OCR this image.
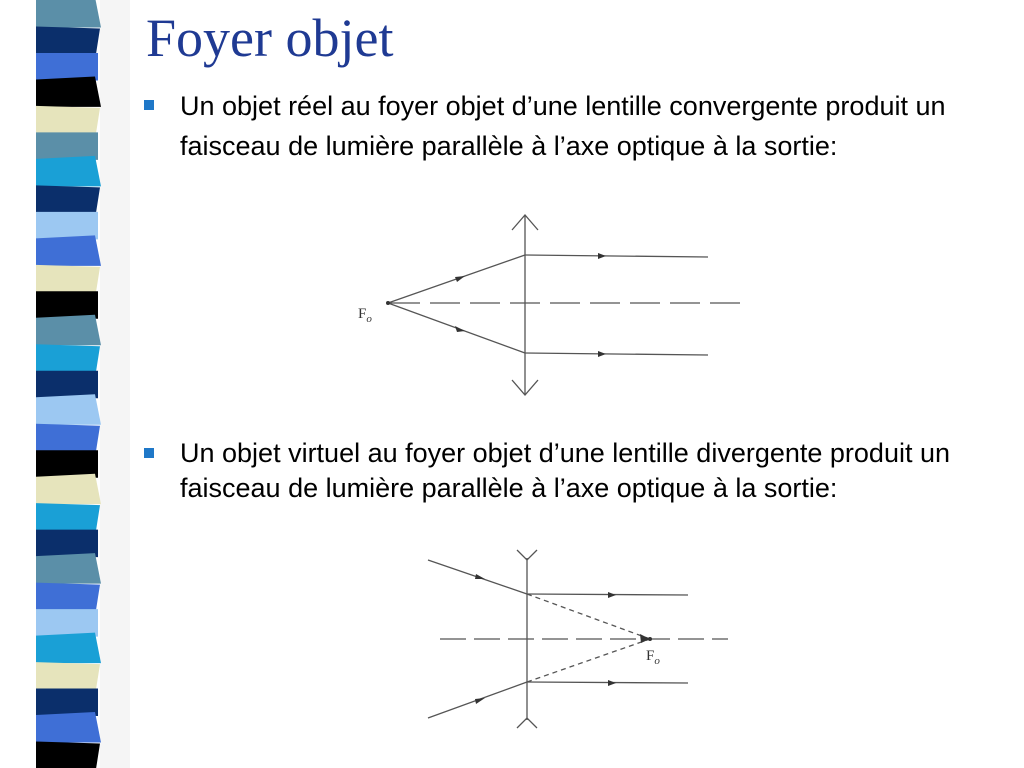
Foyer objet
Un objet réel au foyer objet d’une lentille convergente produit un faisceau de lumière parallèle à l’axe optique à la sortie:
$F_o$
Un objet virtuel au foyer objet d’une lentille divergente produit un faisceau de lumière parallèle à l’axe optique à la sortie:
$F_o$
